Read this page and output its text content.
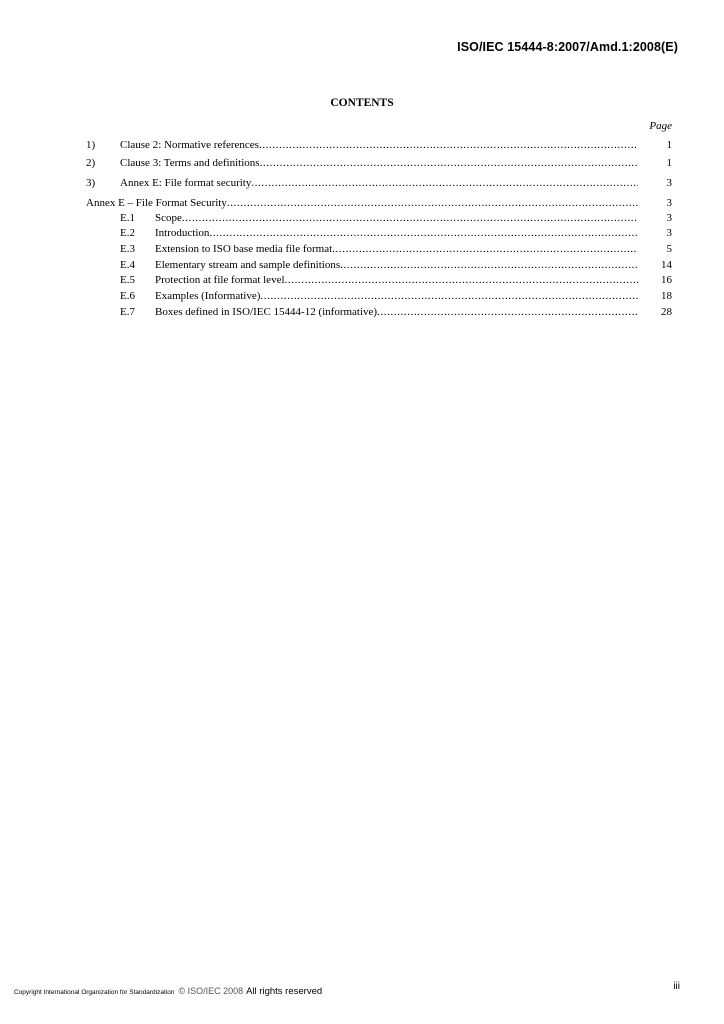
ISO/IEC 15444-8:2007/Amd.1:2008(E)
CONTENTS
Page
1) Clause 2: Normative references .....	1
2) Clause 3: Terms and definitions .....	1
3) Annex E: File format security .....	3
Annex E – File Format Security .....	3
E.1 Scope .....	3
E.2 Introduction .....	3
E.3 Extension to ISO base media file format .....	5
E.4 Elementary stream and sample definitions .....	14
E.5 Protection at file format level .....	16
E.6 Examples (Informative) .....	18
E.7 Boxes defined in ISO/IEC 15444-12 (informative) .....	28
Copyright International Organization for Standardization © ISO/IEC 2008 All rights reserved	iii
